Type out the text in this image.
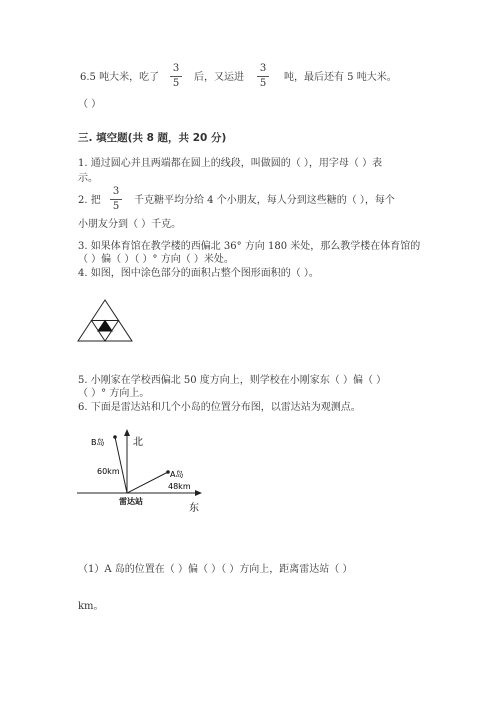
6.5 吨大米，吃了
3
5
后，又运进
3
5
吨，最后还有 5 吨大米。
（ ）
三. 填空题(共 8 题，共 20 分)
1. 通过圆心并且两端都在圆上的线段，叫做圆的（ ），用字母（ ）表
示。
2. 把
3
5
千克糖平均分给 4 个小朋友，每人分到这些糖的（ ），每个
小朋友分到（ ）千克。
3. 如果体育馆在教学楼的西偏北 36° 方向 180 米处，那么教学楼在体育馆的
（ ）偏（ ）（ ）° 方向（ ）米处。
4. 如图，图中涂色部分的面积占整个图形面积的（ ）。
5. 小刚家在学校西偏北 50 度方向上，则学校在小刚家东（ ）偏（ ）
（ ）° 方向上。
6. 下面是雷达站和几个小岛的位置分布图，以雷达站为观测点。
北
东
B岛
A岛
60km
48km
雷达站
（1）A 岛的位置在（ ）偏（ ）（ ）方向上，距离雷达站（ ）
km。
